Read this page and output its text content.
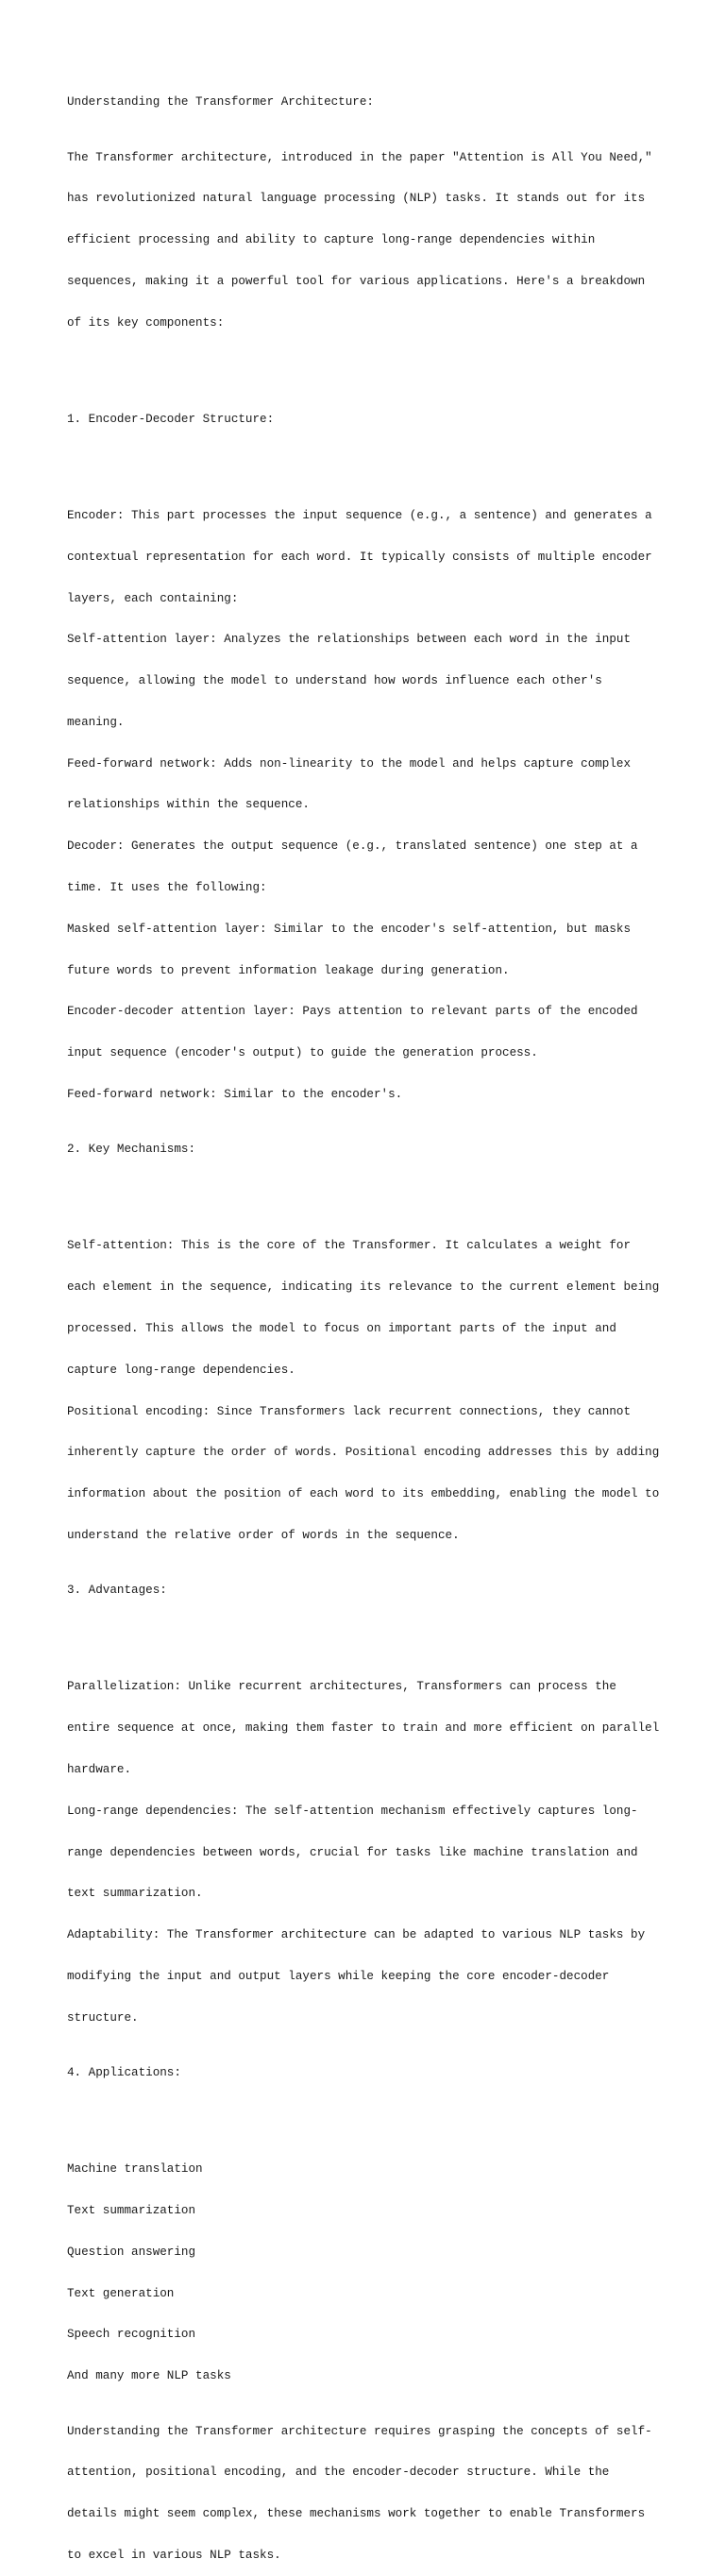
Understanding the Transformer Architecture:

The Transformer architecture, introduced in the paper "Attention is All You Need,"

has revolutionized natural language processing (NLP) tasks. It stands out for its

efficient processing and ability to capture long-range dependencies within

sequences, making it a powerful tool for various applications. Here's a breakdown

of its key components:

1. Encoder-Decoder Structure:

Encoder: This part processes the input sequence (e.g., a sentence) and generates a

contextual representation for each word. It typically consists of multiple encoder

layers, each containing:

Self-attention layer: Analyzes the relationships between each word in the input

sequence, allowing the model to understand how words influence each other's

meaning.

Feed-forward network: Adds non-linearity to the model and helps capture complex

relationships within the sequence.

Decoder: Generates the output sequence (e.g., translated sentence) one step at a

time. It uses the following:

Masked self-attention layer: Similar to the encoder's self-attention, but masks

future words to prevent information leakage during generation.

Encoder-decoder attention layer: Pays attention to relevant parts of the encoded

input sequence (encoder's output) to guide the generation process.

Feed-forward network: Similar to the encoder's.

2. Key Mechanisms:

Self-attention: This is the core of the Transformer. It calculates a weight for

each element in the sequence, indicating its relevance to the current element being

processed. This allows the model to focus on important parts of the input and

capture long-range dependencies.

Positional encoding: Since Transformers lack recurrent connections, they cannot

inherently capture the order of words. Positional encoding addresses this by adding

information about the position of each word to its embedding, enabling the model to

understand the relative order of words in the sequence.

3. Advantages:

Parallelization: Unlike recurrent architectures, Transformers can process the

entire sequence at once, making them faster to train and more efficient on parallel

hardware.

Long-range dependencies: The self-attention mechanism effectively captures long-

range dependencies between words, crucial for tasks like machine translation and

text summarization.

Adaptability: The Transformer architecture can be adapted to various NLP tasks by

modifying the input and output layers while keeping the core encoder-decoder

structure.

4. Applications:

Machine translation

Text summarization

Question answering

Text generation

Speech recognition

And many more NLP tasks

Understanding the Transformer architecture requires grasping the concepts of self-

attention, positional encoding, and the encoder-decoder structure. While the

details might seem complex, these mechanisms work together to enable Transformers

to excel in various NLP tasks.
